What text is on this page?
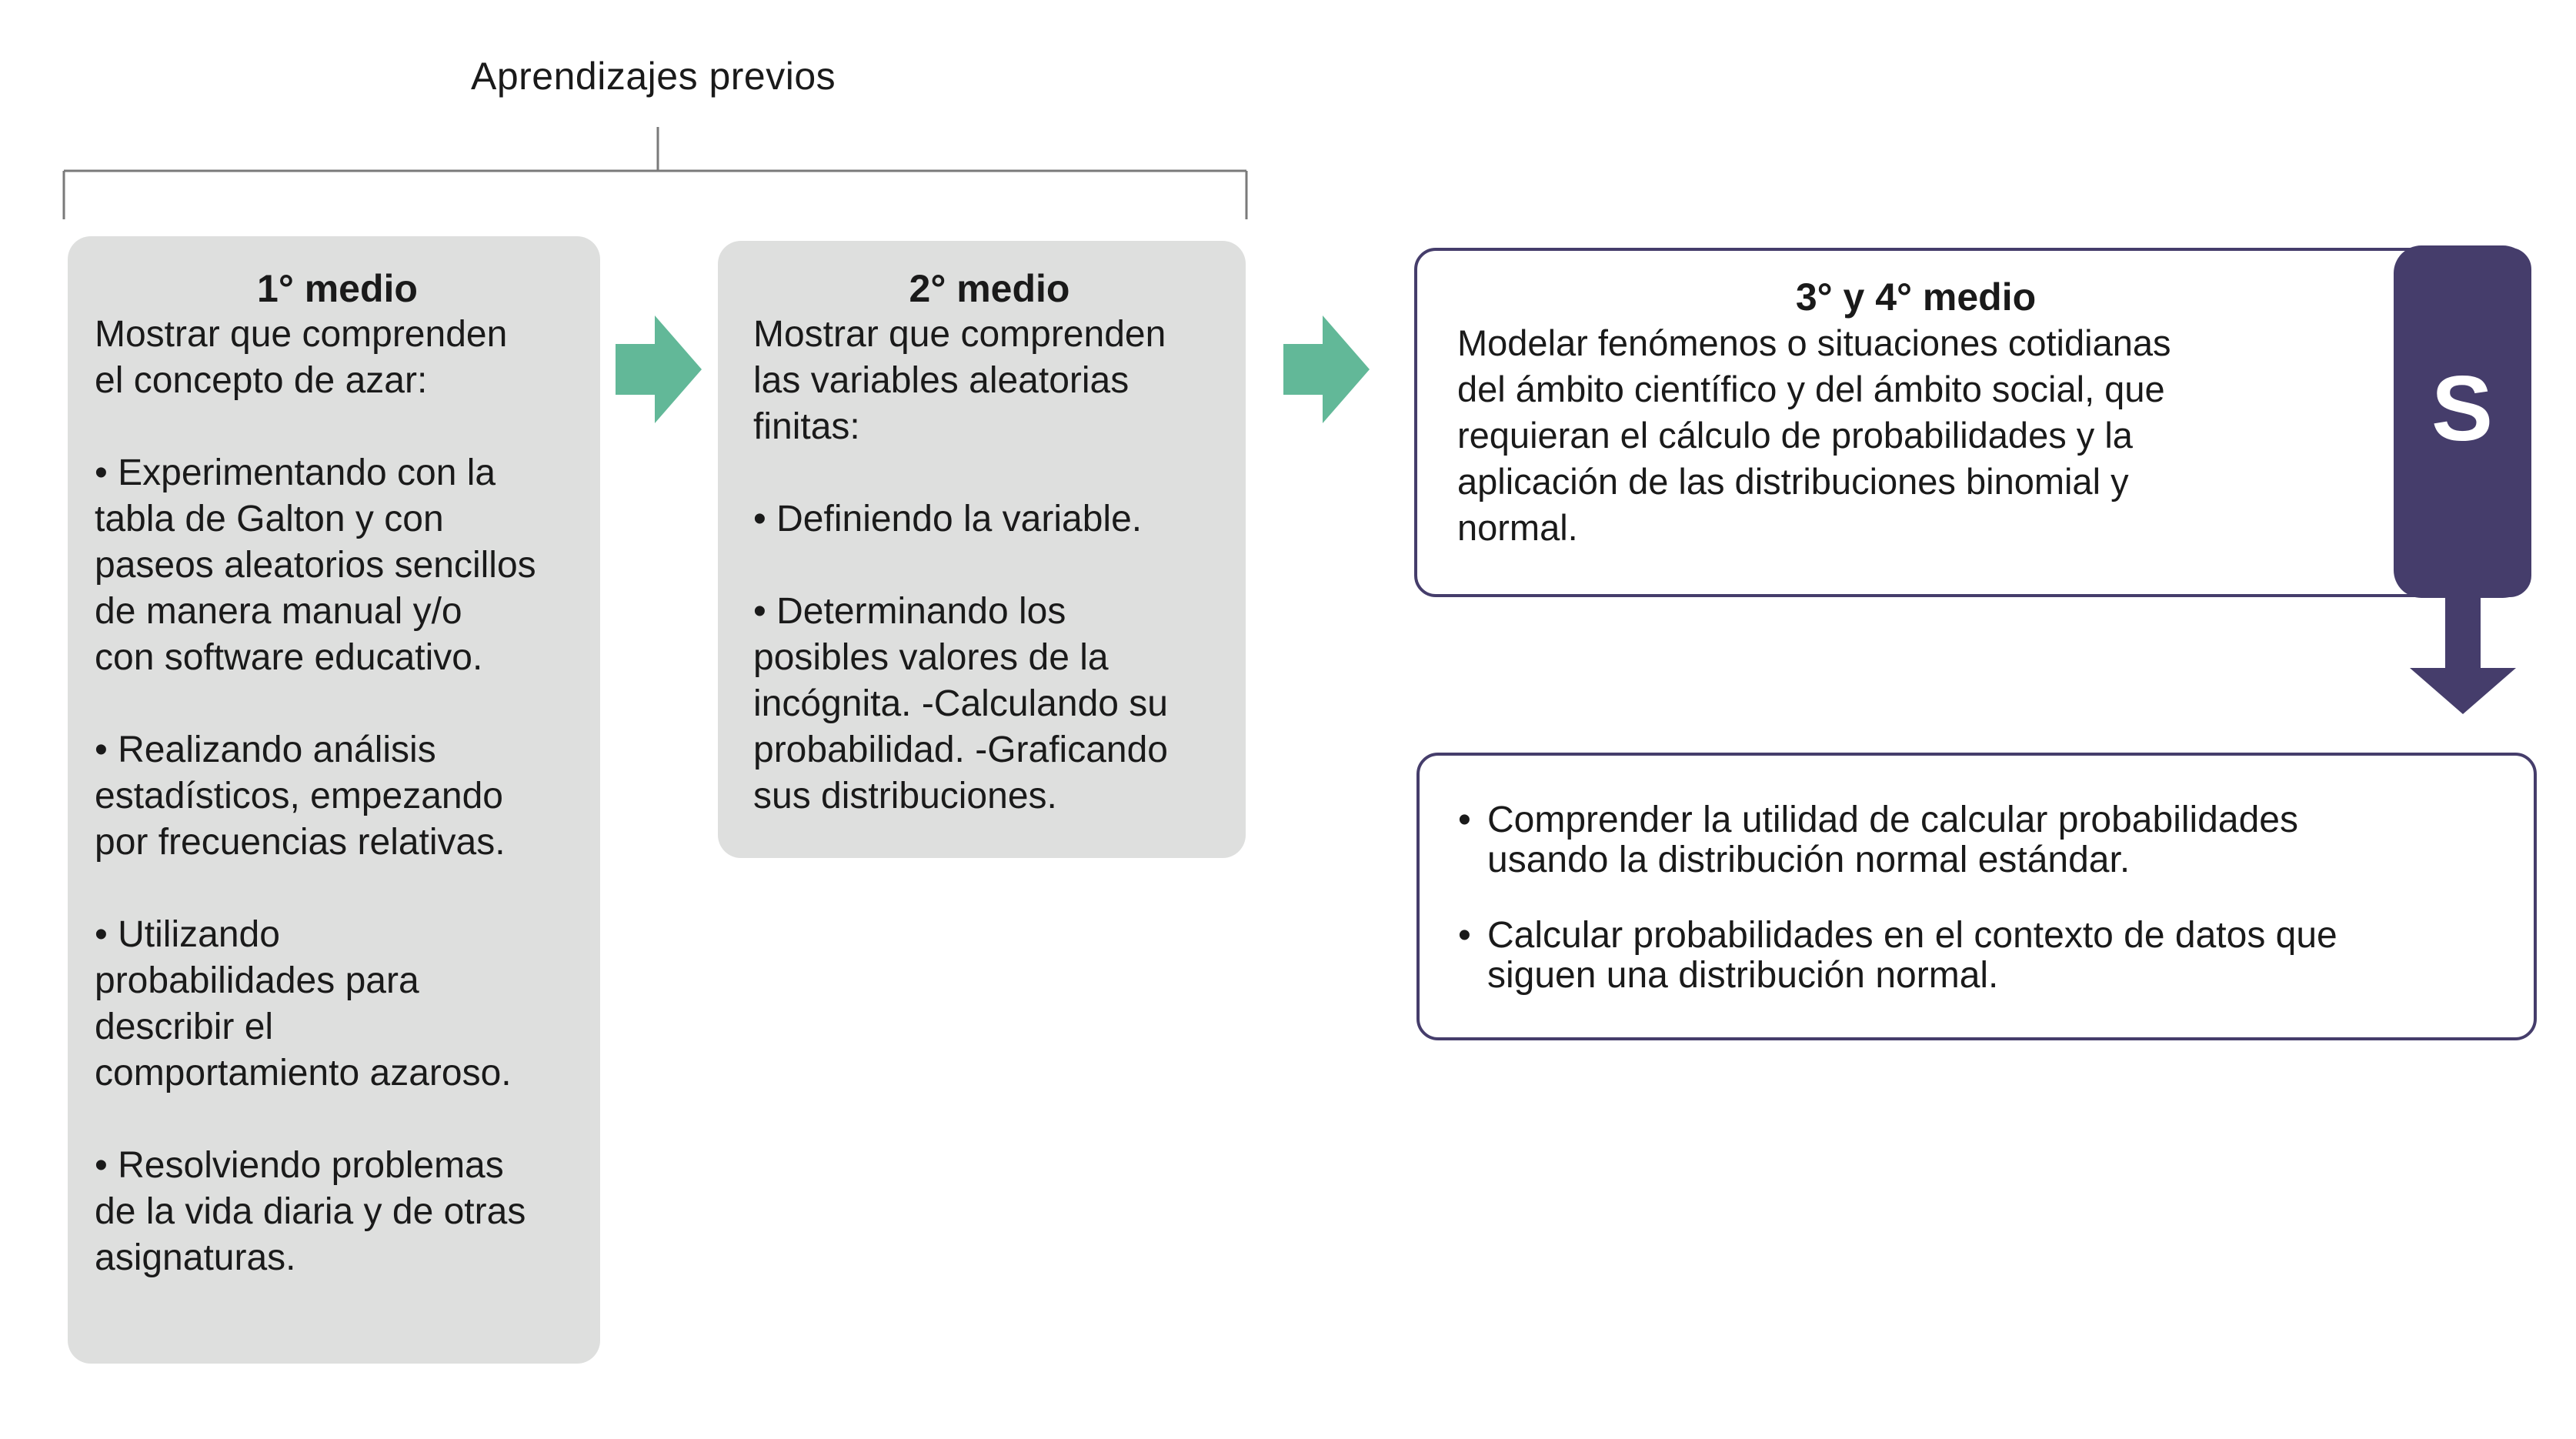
Aprendizajes previos
1° medio
Mostrar que comprenden
el concepto de azar:

• Experimentando con la
tabla de Galton y con
paseos aleatorios sencillos
de manera manual y/o
con software educativo.

• Realizando análisis
estadísticos, empezando
por frecuencias relativas.

• Utilizando
probabilidades para
describir el
comportamiento azaroso.

• Resolviendo problemas
de la vida diaria y de otras
asignaturas.
2° medio
Mostrar que comprenden
las variables aleatorias
finitas:

• Definiendo la variable.

• Determinando los
posibles valores de la
incógnita. -Calculando su
probabilidad. -Graficando
sus distribuciones.
3° y 4° medio
Modelar fenómenos o situaciones cotidianas
del ámbito científico y del ámbito social, que
requieran el cálculo de probabilidades y la
aplicación de las distribuciones binomial y
normal.
S
• Comprender la utilidad de calcular probabilidades
usando la distribución normal estándar.
• Calcular probabilidades en el contexto de datos que
siguen una distribución normal.
